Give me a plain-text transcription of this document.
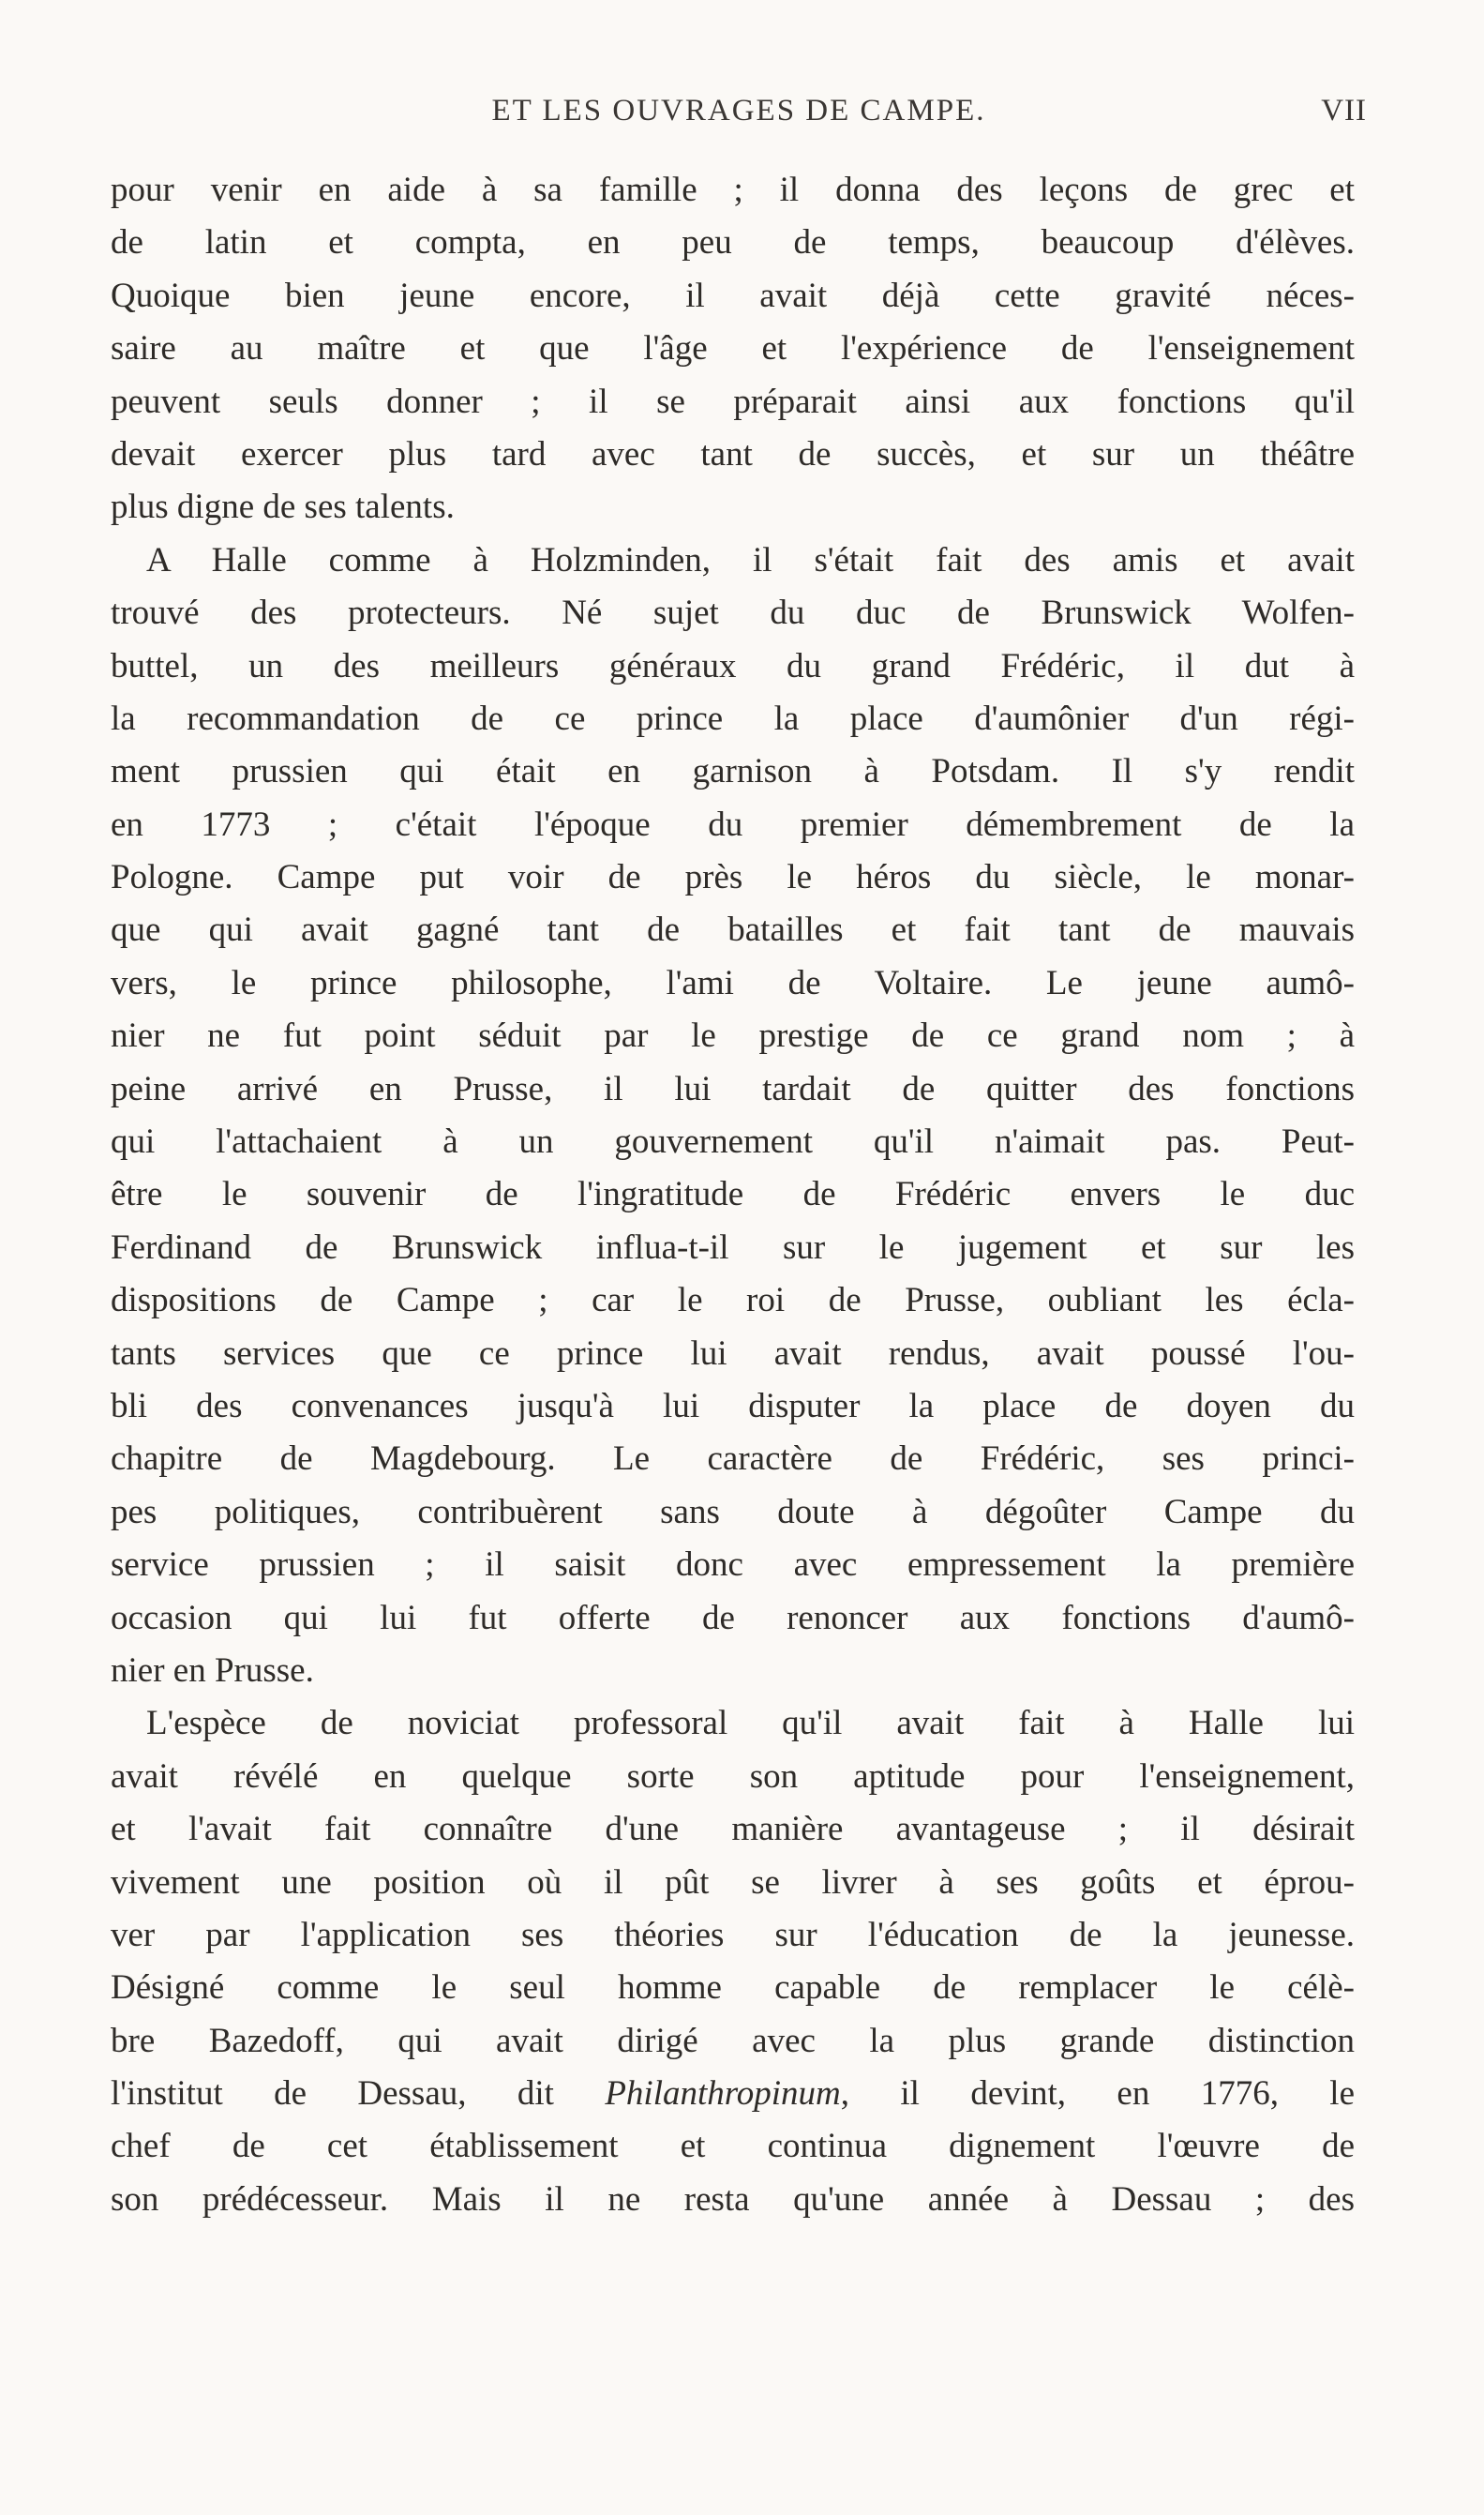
ET LES OUVRAGES DE CAMPE.	VII
pour venir en aide à sa famille ; il donna des leçons de grec et
de latin et compta, en peu de temps, beaucoup d'élèves.
Quoique bien jeune encore, il avait déjà cette gravité néces-
saire au maître et que l'âge et l'expérience de l'enseignement
peuvent seuls donner ; il se préparait ainsi aux fonctions qu'il
devait exercer plus tard avec tant de succès, et sur un théâtre
plus digne de ses talents.
A Halle comme à Holzminden, il s'était fait des amis et avait
trouvé des protecteurs. Né sujet du duc de Brunswick Wolfen-
buttel, un des meilleurs généraux du grand Frédéric, il dut à
la recommandation de ce prince la place d'aumônier d'un régi-
ment prussien qui était en garnison à Potsdam. Il s'y rendit
en 1773 ; c'était l'époque du premier démembrement de la
Pologne. Campe put voir de près le héros du siècle, le monar-
que qui avait gagné tant de batailles et fait tant de mauvais
vers, le prince philosophe, l'ami de Voltaire. Le jeune aumô-
nier ne fut point séduit par le prestige de ce grand nom ; à
peine arrivé en Prusse, il lui tardait de quitter des fonctions
qui l'attachaient à un gouvernement qu'il n'aimait pas. Peut-
être le souvenir de l'ingratitude de Frédéric envers le duc
Ferdinand de Brunswick influa-t-il sur le jugement et sur les
dispositions de Campe ; car le roi de Prusse, oubliant les écla-
tants services que ce prince lui avait rendus, avait poussé l'ou-
bli des convenances jusqu'à lui disputer la place de doyen du
chapitre de Magdebourg. Le caractère de Frédéric, ses princi-
pes politiques, contribuèrent sans doute à dégoûter Campe du
service prussien ; il saisit donc avec empressement la première
occasion qui lui fut offerte de renoncer aux fonctions d'aumô-
nier en Prusse.
L'espèce de noviciat professoral qu'il avait fait à Halle lui
avait révélé en quelque sorte son aptitude pour l'enseignement,
et l'avait fait connaître d'une manière avantageuse ; il désirait
vivement une position où il pût se livrer à ses goûts et éprou-
ver par l'application ses théories sur l'éducation de la jeunesse.
Désigné comme le seul homme capable de remplacer le célè-
bre Bazedoff, qui avait dirigé avec la plus grande distinction
l'institut de Dessau, dit Philanthropinum, il devint, en 1776, le
chef de cet établissement et continua dignement l'œuvre de
son prédécesseur. Mais il ne resta qu'une année à Dessau ; des
